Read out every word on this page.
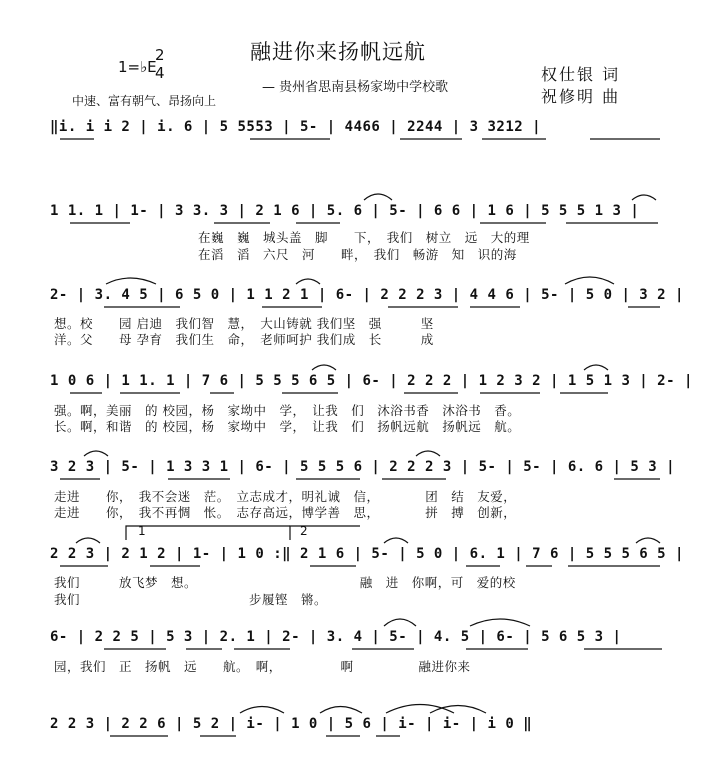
融进你来扬帆远航
— 贵州省思南县杨家坳中学校歌
1=♭E
2
4
中速、富有朝气、昂扬向上
权仕银 词
祝修明 曲
‖i. i i 2 | i. 6 | 5 5553 | 5- | 4466 | 2244 | 3 3212 |
1 1. 1 | 1- | 3 3. 3 | 2 1 6 | 5. 6 | 5- | 6 6 | 1 6 | 5 5 5 1 3 |
在巍　巍　城头盖　脚　　下，　我们　树立　远　大的理
在滔　滔　六尺　河　　畔，　我们　畅游　知　识的海
2- | 3. 4 5 | 6 5 0 | 1 1 2 1 | 6- | 2 2 2 3 | 4 4 6 | 5- | 5 0 | 3 2 |
想。校　　园 启迪　我们智　慧，　大山铸就 我们坚　强　　　坚
洋。父　　母 孕育　我们生　命，　老师呵护 我们成　长　　　成
1 0 6 | 1 1. 1 | 7 6 | 5 5 5 6 5 | 6- | 2 2 2 | 1 2 3 2 | 1 5 1 3 | 2- |
强。啊，美丽　的 校园，杨　家坳中　学，　让我　们　沐浴书香　沐浴书　香。
长。啊，和谐　的 校园，杨　家坳中　学，　让我　们　扬帆远航　扬帆远　航。
3 2 3 | 5- | 1 3 3 1 | 6- | 5 5 5 6 | 2 2 2 3 | 5- | 5- | 6. 6 | 5 3 |
走进　　你，　我不会迷　茫。　立志成才，明礼诚　信，　　　　团　结　友爱，
走进　　你，　我不再惆　怅。　志存高远，博学善　思，　　　　拼　搏　创新，
1	2
2 2 3 | 2 1 2 | 1- | 1 0 :‖ 2 1 6 | 5- | 5 0 | 6. 1 | 7 6 | 5 5 5 6 5 |
我们　　　放飞梦　想。　　　　　　　　　　　　　融　进　你啊，可　爱的校
我们　　　　　　　　　　　　　步履铿　锵。
6- | 2 2 5 | 5 3 | 2. 1 | 2- | 3. 4 | 5- | 4. 5 | 6- | 5 6 5 3 |
园，我们　正　扬帆　远　　航。　啊，　　　　　啊　　　　　融进你来
2 2 3 | 2 2 6 | 5 2 | i- | 1 0 | 5 6 | i- | i- | i 0 ‖
